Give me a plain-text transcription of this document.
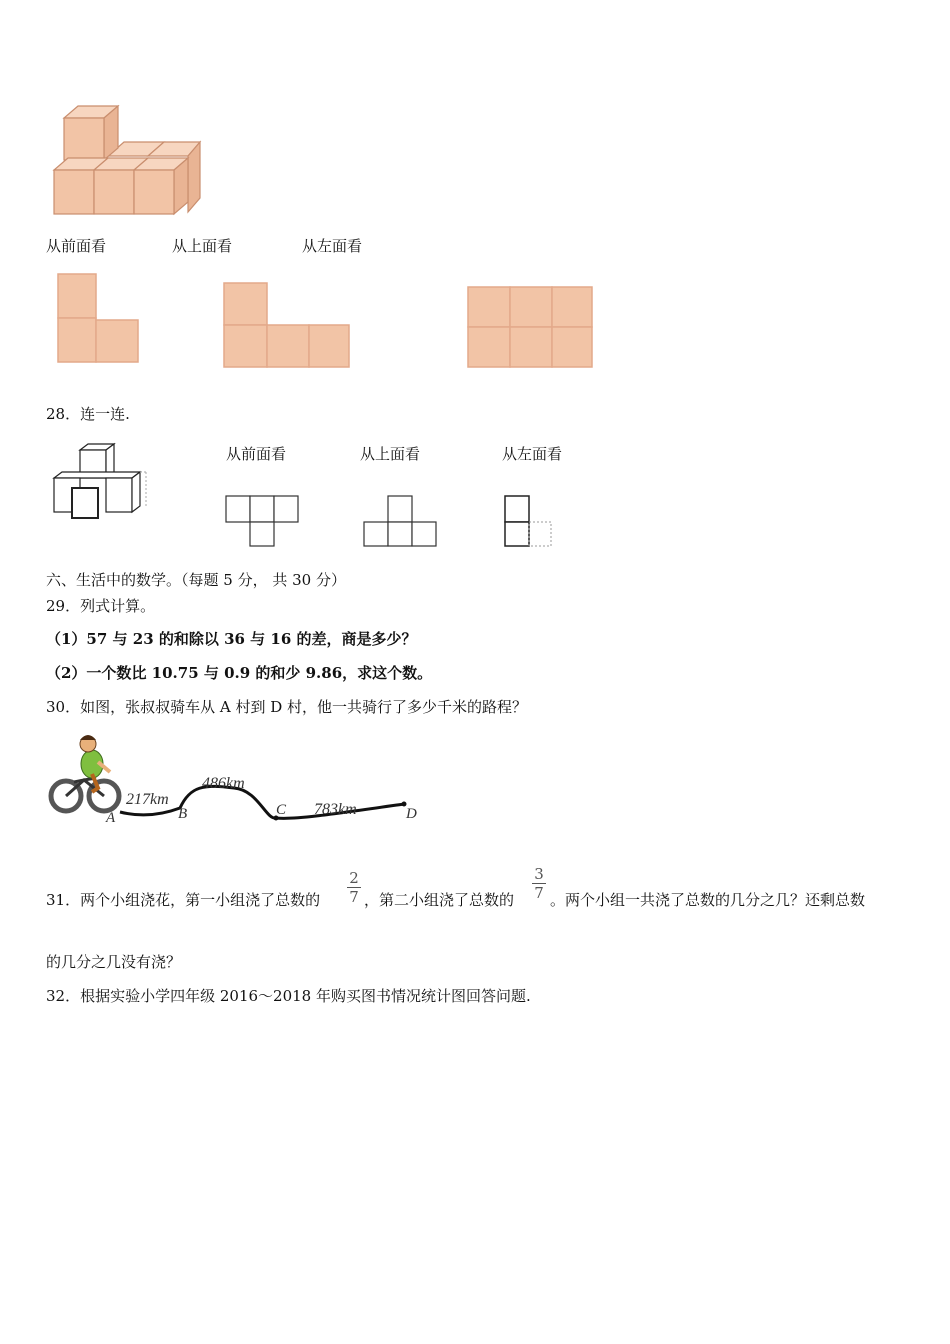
从前面看	从上面看	从左面看
28．连一连.
从前面看	从上面看	从左面看
六、生活中的数学。（每题 5 分， 共 30 分）
29．列式计算。
（1）57 与 23 的和除以 36 与 16 的差，商是多少？
（2）一个数比 10.75 与 0.9 的和少 9.86，求这个数。
30．如图，张叔叔骑车从 A 村到 D 村，他一共骑行了多少千米的路程？
217km
486km
783km
A	B	C	D
31．两个小组浇花，第一小组浇了总数的
2
7 ，第二小组浇了总数的
3
7 。两个小组一共浇了总数的几分之几？还剩总数
的几分之几没有浇？
32．根据实验小学四年级 2016～2018 年购买图书情况统计图回答问题.
